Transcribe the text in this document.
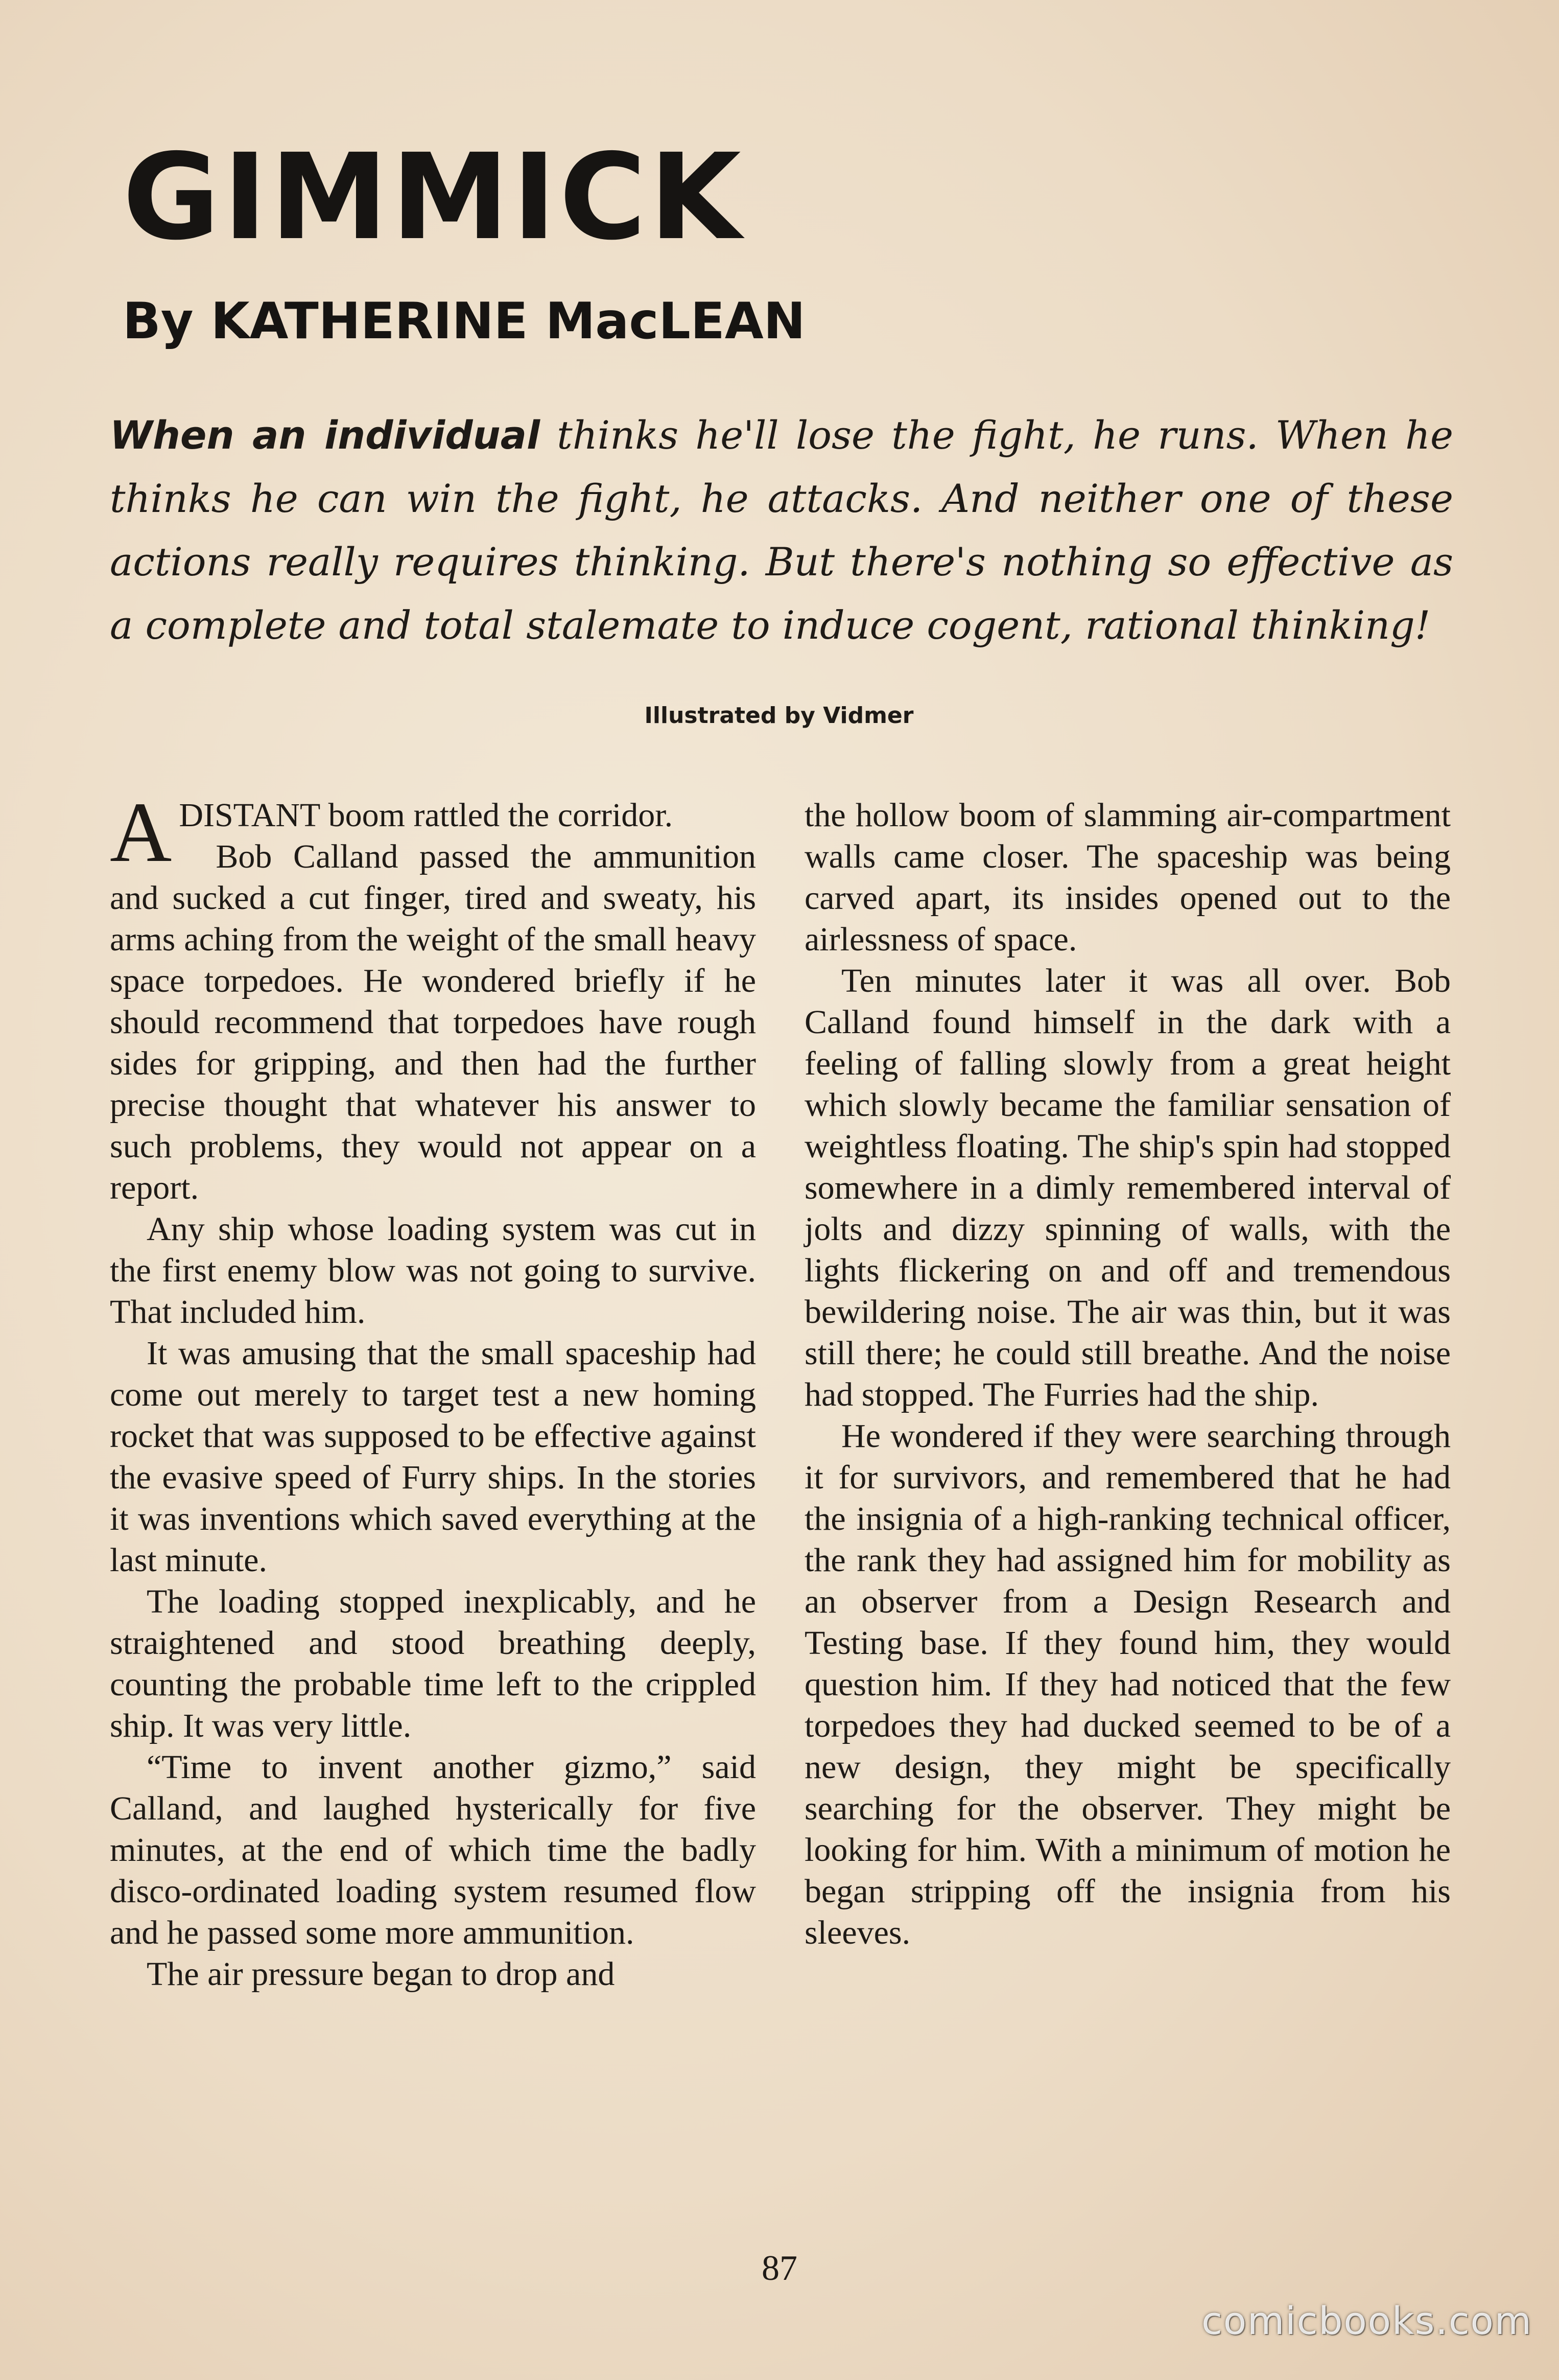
GIMMICK
By KATHERINE MacLEAN
When an individual thinks he'll lose the fight, he runs. When he thinks he can win the fight, he attacks. And neither one of these actions really requires thinking. But there's nothing so effective as a complete and total stalemate to induce cogent, rational thinking!
Illustrated by Vidmer

A DISTANT boom rattled the corridor.

Bob Calland passed the ammunition and sucked a cut finger, tired and sweaty, his arms aching from the weight of the small heavy space torpedoes. He wondered briefly if he should recommend that torpedoes have rough sides for gripping, and then had the further precise thought that whatever his answer to such problems, they would not appear on a report.

Any ship whose loading system was cut in the first enemy blow was not going to survive. That included him.

It was amusing that the small spaceship had come out merely to target test a new homing rocket that was supposed to be effective against the evasive speed of Furry ships. In the stories it was inventions which saved everything at the last minute.

The loading stopped inexplicably, and he straightened and stood breathing deeply, counting the probable time left to the crippled ship. It was very little.

“Time to invent another gizmo,” said Calland, and laughed hysterically for five minutes, at the end of which time the badly disco-ordinated loading system resumed flow and he passed some more ammunition.

The air pressure began to drop and

the hollow boom of slamming air-compartment walls came closer. The spaceship was being carved apart, its insides opened out to the airlessness of space.

Ten minutes later it was all over. Bob Calland found himself in the dark with a feeling of falling slowly from a great height which slowly became the familiar sensation of weightless floating. The ship's spin had stopped somewhere in a dimly remembered interval of jolts and dizzy spinning of walls, with the lights flickering on and off and tremendous bewildering noise. The air was thin, but it was still there; he could still breathe. And the noise had stopped. The Furries had the ship.

He wondered if they were searching through it for survivors, and remembered that he had the insignia of a high-ranking technical officer, the rank they had assigned him for mobility as an observer from a Design Research and Testing base. If they found him, they would question him. If they had noticed that the few torpedoes they had ducked seemed to be of a new design, they might be specifically searching for the observer. They might be looking for him. With a minimum of motion he began stripping off the insignia from his sleeves.

87
comicbooks.com
